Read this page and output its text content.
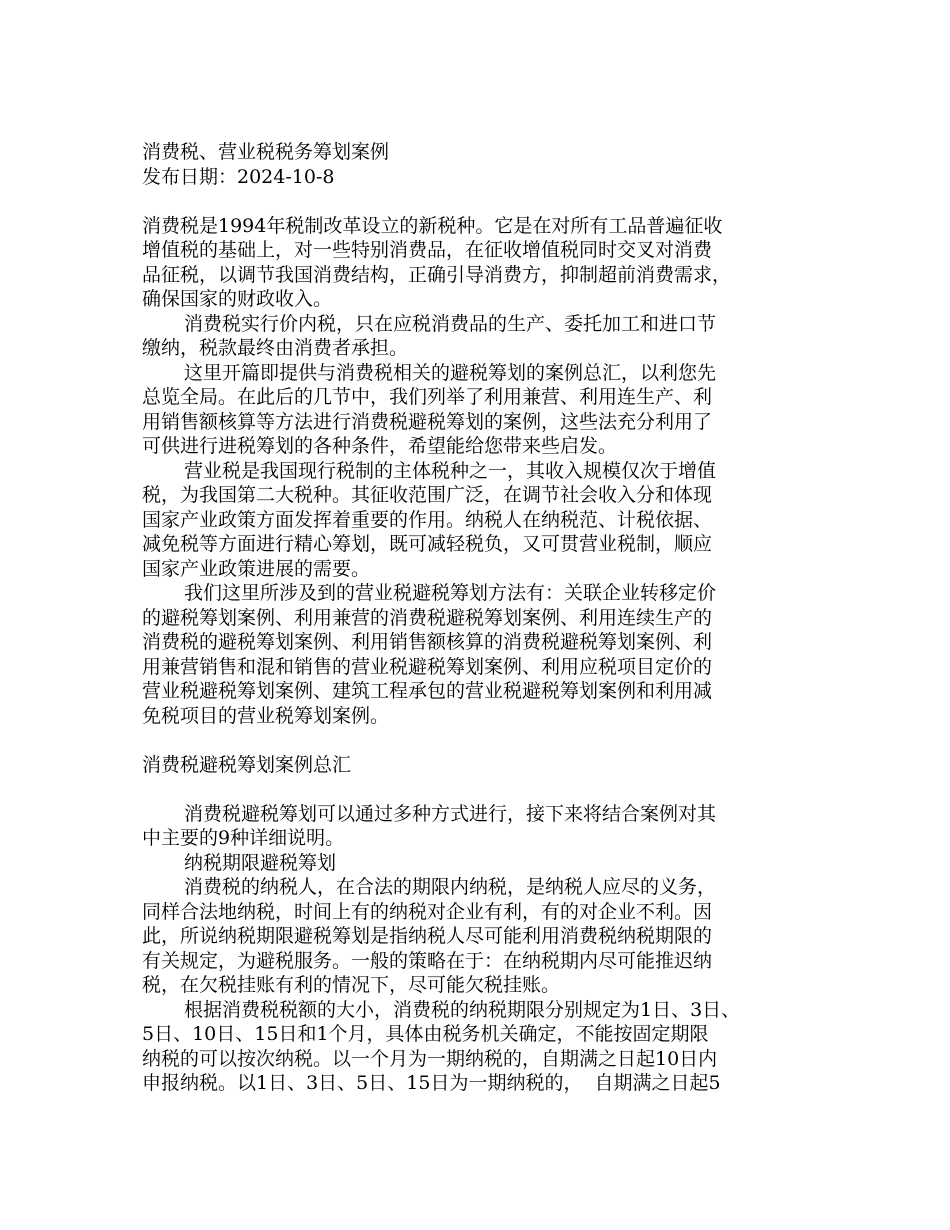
消费税、营业税税务筹划案例
发布日期：2024-10-8
消费税是1994年税制改革设立的新税种。它是在对所有工品普遍征收
增值税的基础上，对一些特别消费品，在征收增值税同时交叉对消费
品征税，以调节我国消费结构，正确引导消费方，抑制超前消费需求，
确保国家的财政收入。
消费税实行价内税，只在应税消费品的生产、委托加工和进口节
缴纳，税款最终由消费者承担。
这里开篇即提供与消费税相关的避税筹划的案例总汇，以利您先
总览全局。在此后的几节中，我们列举了利用兼营、利用连生产、利
用销售额核算等方法进行消费税避税筹划的案例，这些法充分利用了
可供进行进税筹划的各种条件，希望能给您带来些启发。
营业税是我国现行税制的主体税种之一，其收入规模仅次于增值
税，为我国第二大税种。其征收范围广泛，在调节社会收入分和体现
国家产业政策方面发挥着重要的作用。纳税人在纳税范、计税依据、
减免税等方面进行精心筹划，既可减轻税负，又可贯营业税制，顺应
国家产业政策进展的需要。
我们这里所涉及到的营业税避税筹划方法有：关联企业转移定价
的避税筹划案例、利用兼营的消费税避税筹划案例、利用连续生产的
消费税的避税筹划案例、利用销售额核算的消费税避税筹划案例、利
用兼营销售和混和销售的营业税避税筹划案例、利用应税项目定价的
营业税避税筹划案例、建筑工程承包的营业税避税筹划案例和利用减
免税项目的营业税筹划案例。
消费税避税筹划案例总汇
消费税避税筹划可以通过多种方式进行，接下来将结合案例对其
中主要的9种详细说明。
纳税期限避税筹划
消费税的纳税人，在合法的期限内纳税，是纳税人应尽的义务，
同样合法地纳税，时间上有的纳税对企业有利，有的对企业不利。因
此，所说纳税期限避税筹划是指纳税人尽可能利用消费税纳税期限的
有关规定，为避税服务。一般的策略在于：在纳税期内尽可能推迟纳
税，在欠税挂账有利的情况下，尽可能欠税挂账。
根据消费税税额的大小，消费税的纳税期限分别规定为1日、3日、
5日、10日、15日和1个月，具体由税务机关确定，不能按固定期限
纳税的可以按次纳税。以一个月为一期纳税的，自期满之日起10日内
申报纳税。以1日、3日、5日、15日为一期纳税的，  自期满之日起5
